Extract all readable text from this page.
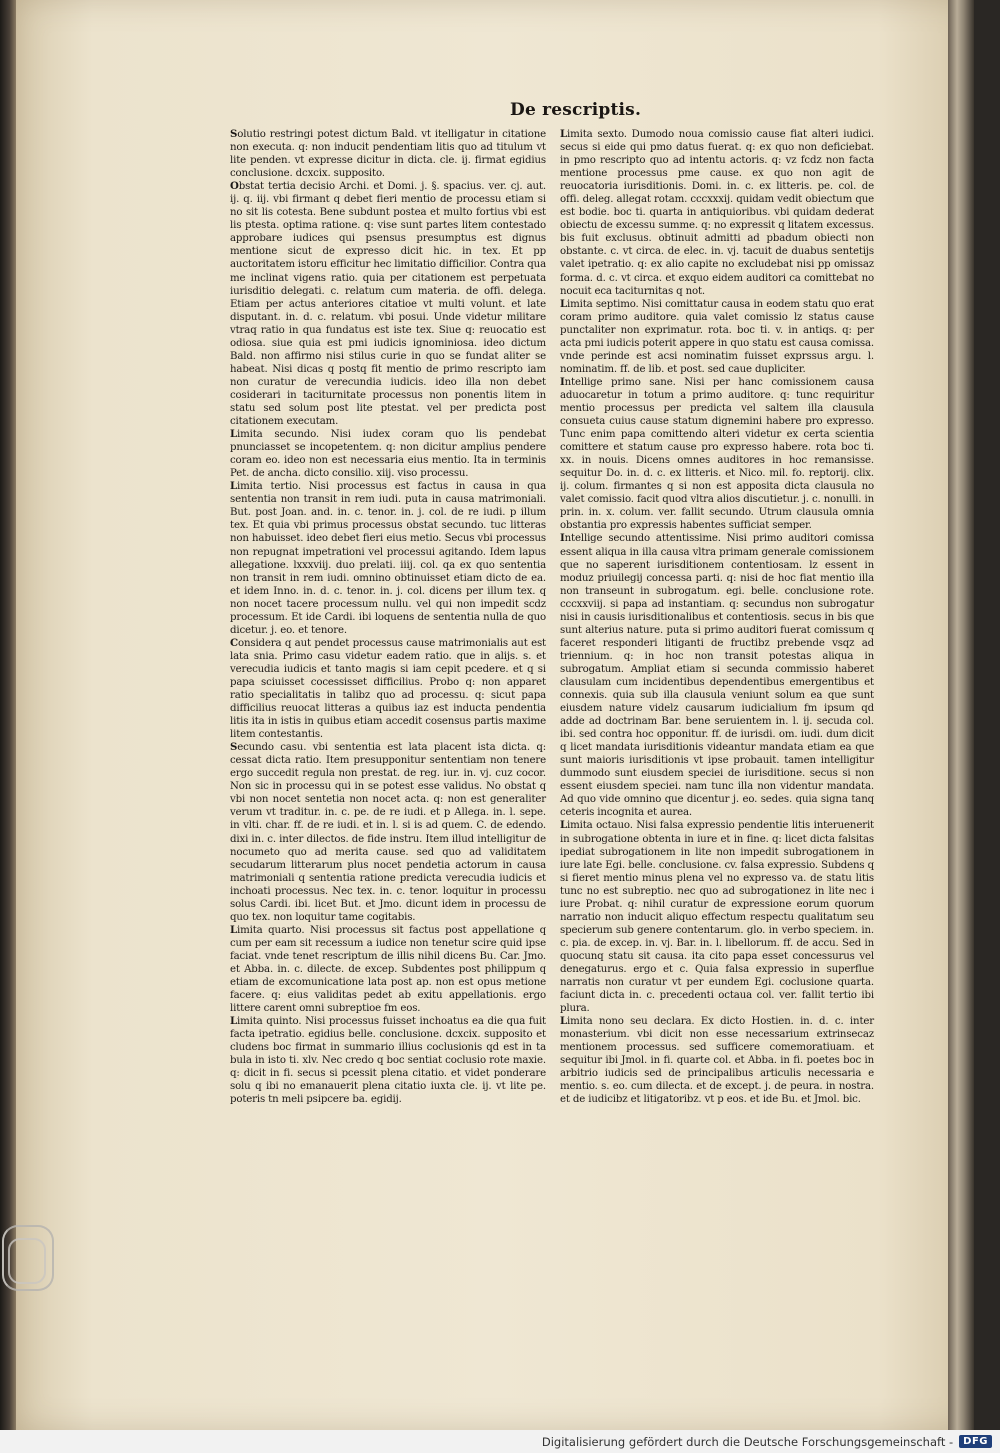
De rescriptis.

Solutio restringi potest dictum Bald. vt itelligatur in citatione non executa. q: non inducit pendentiam litis quo ad titulum vt lite penden. vt expresse dicitur in dicta. cle. ij. firmat egidius conclusione. dcxcix. supposito.

Obstat tertia decisio Archi. et Domi. j. §. spacius. ver. cj. aut. ij. q. iij. vbi firmant q debet fieri mentio de processu etiam si no sit lis cotesta. Bene subdunt postea et multo fortius vbi est lis ptesta. optima ratione. q: vise sunt partes litem contestado approbare iudices qui psensus presumptus est dignus mentione sicut de expresso dicit hic. in tex. Et pp auctoritatem istoru efficitur hec limitatio difficilior. Contra qua me inclinat vigens ratio. quia per citationem est perpetuata iurisditio delegati. c. relatum cum materia. de offi. delega. Etiam per actus anteriores citatioe vt multi volunt. et late disputant. in. d. c. relatum. vbi posui. Unde videtur militare vtraq ratio in qua fundatus est iste tex. Siue q: reuocatio est odiosa. siue quia est pmi iudicis ignominiosa. ideo dictum Bald. non affirmo nisi stilus curie in quo se fundat aliter se habeat. Nisi dicas q postq fit mentio de primo rescripto iam non curatur de verecundia iudicis. ideo illa non debet cosiderari in taciturnitate processus non ponentis litem in statu sed solum post lite ptestat. vel per predicta post citationem executam.

Limita secundo. Nisi iudex coram quo lis pendebat pnunciasset se incopetentem. q: non dicitur amplius pendere coram eo. ideo non est necessaria eius mentio. Ita in terminis Pet. de ancha. dicto consilio. xiij. viso processu.

Limita tertio. Nisi processus est factus in causa in qua sententia non transit in rem iudi. puta in causa matrimoniali. But. post Joan. and. in. c. tenor. in. j. col. de re iudi. p illum tex. Et quia vbi primus processus obstat secundo. tuc litteras non habuisset. ideo debet fieri eius metio. Secus vbi processus non repugnat impetrationi vel processui agitando. Idem lapus allegatione. lxxxviij. duo prelati. iiij. col. qa ex quo sententia non transit in rem iudi. omnino obtinuisset etiam dicto de ea. et idem Inno. in. d. c. tenor. in. j. col. dicens per illum tex. q non nocet tacere processum nullu. vel qui non impedit scdz processum. Et ide Cardi. ibi loquens de sententia nulla de quo dicetur. j. eo. et tenore.

Considera q aut pendet processus cause matrimonialis aut est lata snia. Primo casu videtur eadem ratio. que in alijs. s. et verecudia iudicis et tanto magis si iam cepit pcedere. et q si papa sciuisset cocessisset difficilius. Probo q: non apparet ratio specialitatis in talibz quo ad processu. q: sicut papa difficilius reuocat litteras a quibus iaz est inducta pendentia litis ita in istis in quibus etiam accedit cosensus partis maxime litem contestantis.

Secundo casu. vbi sententia est lata placent ista dicta. q: cessat dicta ratio. Item presupponitur sententiam non tenere ergo succedit regula non prestat. de reg. iur. in. vj. cuz cocor. Non sic in processu qui in se potest esse validus. No obstat q vbi non nocet sentetia non nocet acta. q: non est generaliter verum vt traditur. in. c. pe. de re iudi. et p Allega. in. l. sepe. in vlti. char. ff. de re iudi. et in. l. si is ad quem. C. de edendo. dixi in. c. inter dilectos. de fide instru. Item illud intelligitur de nocumeto quo ad merita cause. sed quo ad validitatem secudarum litterarum plus nocet pendetia actorum in causa matrimoniali q sententia ratione predicta verecudia iudicis et inchoati processus. Nec tex. in. c. tenor. loquitur in processu solus Cardi. ibi. licet But. et Jmo. dicunt idem in processu de quo tex. non loquitur tame cogitabis.

Limita quarto. Nisi processus sit factus post appellatione q cum per eam sit recessum a iudice non tenetur scire quid ipse faciat. vnde tenet rescriptum de illis nihil dicens Bu. Car. Jmo. et Abba. in. c. dilecte. de excep. Subdentes post philippum q etiam de excomunicatione lata post ap. non est opus metione facere. q: eius validitas pedet ab exitu appellationis. ergo littere carent omni subreptioe fm eos.

Limita quinto. Nisi processus fuisset inchoatus ea die qua fuit facta ipetratio. egidius belle. conclusione. dcxcix. supposito et cludens boc firmat in summario illius coclusionis qd est in ta bula in isto ti. xlv. Nec credo q boc sentiat coclusio rote maxie. q: dicit in fi. secus si pcessit plena citatio. et videt ponderare solu q ibi no emanauerit plena citatio iuxta cle. ij. vt lite pe. poteris tn meli psipcere ba. egidij.

Limita sexto. Dumodo noua comissio cause fiat alteri iudici. secus si eide qui pmo datus fuerat. q: ex quo non deficiebat. in pmo rescripto quo ad intentu actoris. q: vz fcdz non facta mentione processus pme cause. ex quo non agit de reuocatoria iurisditionis. Domi. in. c. ex litteris. pe. col. de offi. deleg. allegat rotam. cccxxxij. quidam vedit obiectum que est bodie. boc ti. quarta in antiquioribus. vbi quidam dederat obiectu de excessu summe. q: no expressit q litatem excessus. bis fuit exclusus. obtinuit admitti ad pbadum obiecti non obstante. c. vt circa. de elec. in. vj. tacuit de duabus sentetijs valet ipetratio. q: ex alio capite no excludebat nisi pp omissaz forma. d. c. vt circa. et exquo eidem auditori ca comittebat no nocuit eca taciturnitas q not.

Limita septimo. Nisi comittatur causa in eodem statu quo erat coram primo auditore. quia valet comissio lz status cause punctaliter non exprimatur. rota. boc ti. v. in antiqs. q: per acta pmi iudicis poterit appere in quo statu est causa comissa. vnde perinde est acsi nominatim fuisset exprssus argu. l. nominatim. ff. de lib. et post. sed caue dupliciter.

Intellige primo sane. Nisi per hanc comissionem causa aduocaretur in totum a primo auditore. q: tunc requiritur mentio processus per predicta vel saltem illa clausula consueta cuius cause statum dignemini habere pro expresso. Tunc enim papa comittendo alteri videtur ex certa scientia comittere et statum cause pro expresso habere. rota boc ti. xx. in nouis. Dicens omnes auditores in hoc remansisse. sequitur Do. in. d. c. ex litteris. et Nico. mil. fo. reptorij. clix. ij. colum. firmantes q si non est apposita dicta clausula no valet comissio. facit quod vltra alios discutietur. j. c. nonulli. in prin. in. x. colum. ver. fallit secundo. Utrum clausula omnia obstantia pro expressis habentes sufficiat semper.

Intellige secundo attentissime. Nisi primo auditori comissa essent aliqua in illa causa vltra primam generale comissionem que no saperent iurisditionem contentiosam. lz essent in moduz priuilegij concessa parti. q: nisi de hoc fiat mentio illa non transeunt in subrogatum. egi. belle. conclusione rote. cccxxviij. si papa ad instantiam. q: secundus non subrogatur nisi in causis iurisditionalibus et contentiosis. secus in bis que sunt alterius nature. puta si primo auditori fuerat comissum q faceret responderi litiganti de fructibz prebende vsqz ad triennium. q: in hoc non transit potestas aliqua in subrogatum. Ampliat etiam si secunda commissio haberet clausulam cum incidentibus dependentibus emergentibus et connexis. quia sub illa clausula veniunt solum ea que sunt eiusdem nature videlz causarum iudicialium fm ipsum qd adde ad doctrinam Bar. bene seruientem in. l. ij. secuda col. ibi. sed contra hoc opponitur. ff. de iurisdi. om. iudi. dum dicit q licet mandata iurisditionis videantur mandata etiam ea que sunt maioris iurisditionis vt ipse probauit. tamen intelligitur dummodo sunt eiusdem speciei de iurisditione. secus si non essent eiusdem speciei. nam tunc illa non videntur mandata. Ad quo vide omnino que dicentur j. eo. sedes. quia signa tanq ceteris incognita et aurea.

Limita octauo. Nisi falsa expressio pendentie litis interuenerit in subrogatione obtenta in iure et in fine. q: licet dicta falsitas ipediat subrogationem in lite non impedit subrogationem in iure late Egi. belle. conclusione. cv. falsa expressio. Subdens q si fieret mentio minus plena vel no expresso va. de statu litis tunc no est subreptio. nec quo ad subrogationez in lite nec i iure Probat. q: nihil curatur de expressione eorum quorum narratio non inducit aliquo effectum respectu qualitatum seu specierum sub genere contentarum. glo. in verbo speciem. in. c. pia. de excep. in. vj. Bar. in. l. libellorum. ff. de accu. Sed in quocunq statu sit causa. ita cito papa esset concessurus vel denegaturus. ergo et c. Quia falsa expressio in superflue narratis non curatur vt per eundem Egi. coclusione quarta. faciunt dicta in. c. precedenti octaua col. ver. fallit tertio ibi plura.

Limita nono seu declara. Ex dicto Hostien. in. d. c. inter monasterium. vbi dicit non esse necessarium extrinsecaz mentionem processus. sed sufficere comemoratiuam. et sequitur ibi Jmol. in fi. quarte col. et Abba. in fi. poetes boc in arbitrio iudicis sed de principalibus articulis necessaria e mentio. s. eo. cum dilecta. et de except. j. de peura. in nostra. et de iudicibz et litigatoribz. vt p eos. et ide Bu. et Jmol. bic.

Digitalisierung gefördert durch die Deutsche Forschungsgemeinschaft -	DFG
